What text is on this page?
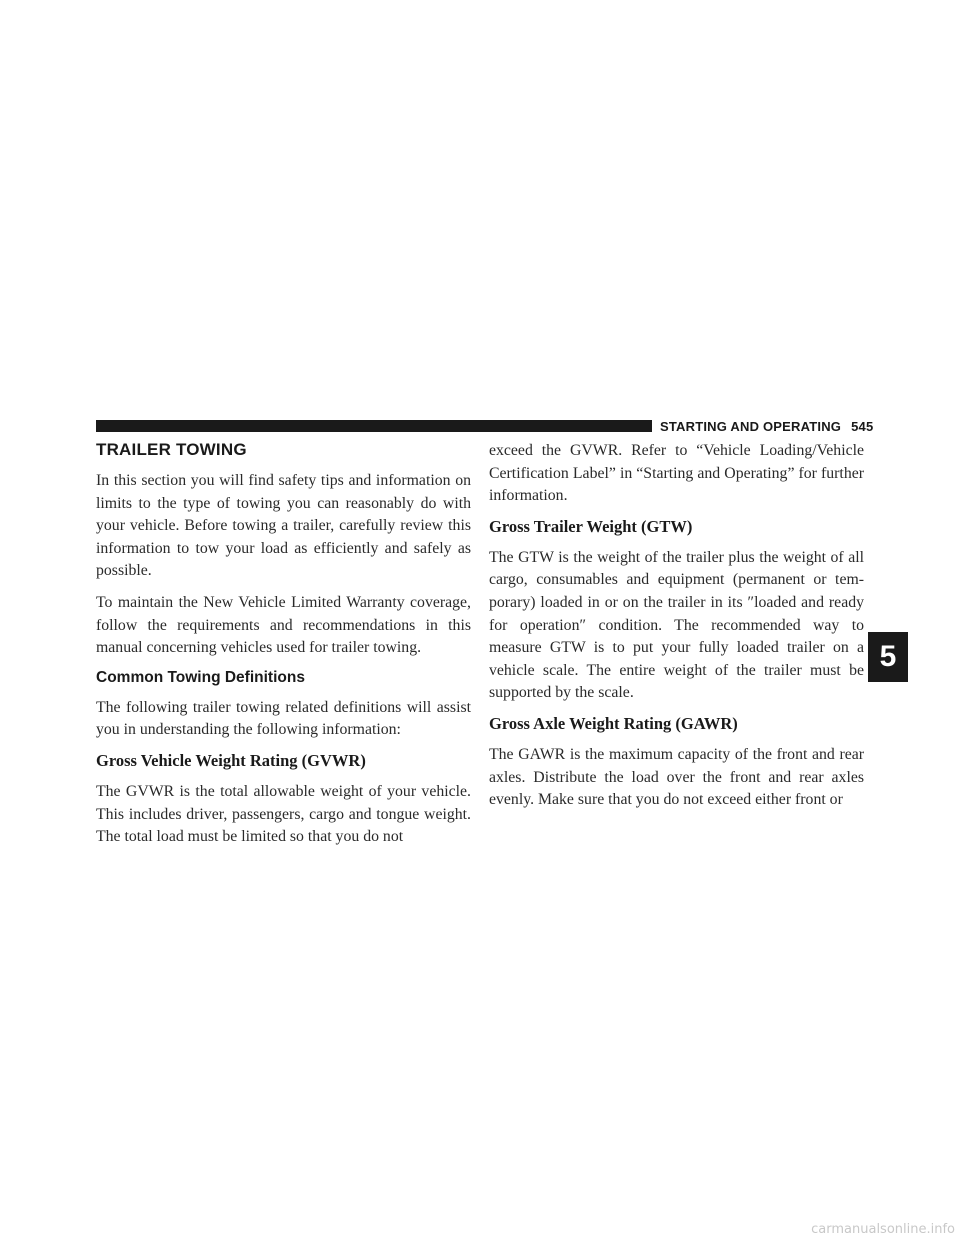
STARTING AND OPERATING 545
TRAILER TOWING

In this section you will find safety tips and information on limits to the type of towing you can reasonably do with your vehicle. Before towing a trailer, carefully review this information to tow your load as efficiently and safely as possible.

To maintain the New Vehicle Limited Warranty coverage, follow the requirements and recommendations in this manual concerning vehicles used for trailer towing.

Common Towing Definitions

The following trailer towing related definitions will assist you in understanding the following information:

Gross Vehicle Weight Rating (GVWR)

The GVWR is the total allowable weight of your vehicle. This includes driver, passengers, cargo and tongue weight. The total load must be limited so that you do not

exceed the GVWR. Refer to “Vehicle Loading/Vehicle Certification Label” in “Starting and Operating” for further information.

Gross Trailer Weight (GTW)

The GTW is the weight of the trailer plus the weight of all cargo, consumables and equipment (permanent or tem-porary) loaded in or on the trailer in its ″loaded and ready for operation″ condition. The recommended way to measure GTW is to put your fully loaded trailer on a vehicle scale. The entire weight of the trailer must be supported by the scale.

Gross Axle Weight Rating (GAWR)

The GAWR is the maximum capacity of the front and rear axles. Distribute the load over the front and rear axles evenly. Make sure that you do not exceed either front or

5
carmanualsonline.info
